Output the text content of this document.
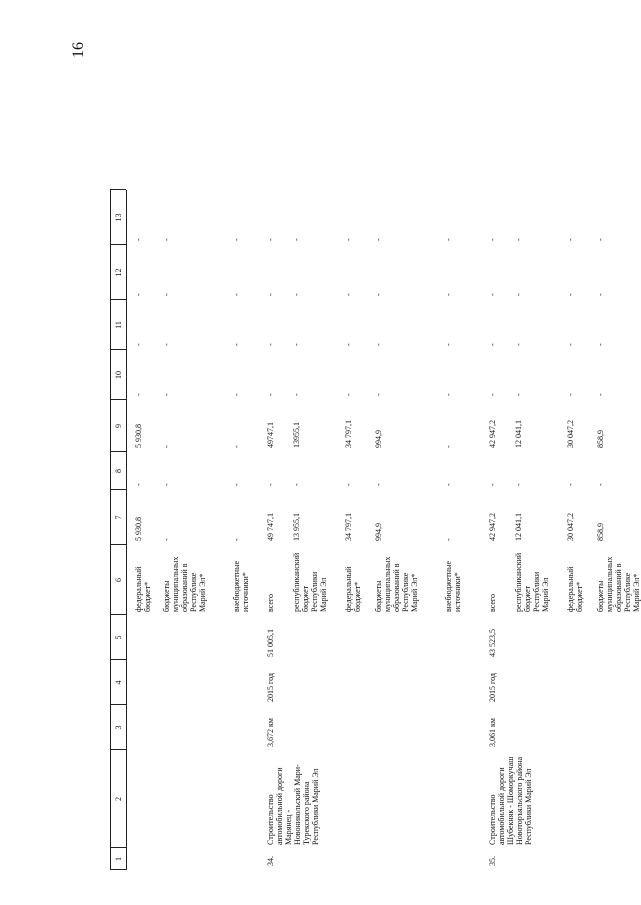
16
1
2
3
4
5
6
7
8
9
10
11
12
13
федеральный бюджет*
5 930,8
-
5 930,8
-
-
-
-
бюджеты муниципальных образований в Республике Марий Эл*
-
-
-
-
-
-
-
внебюджетные источники*
-
-
-
-
-
-
-
34.
Строительство автомобильной дороги Марянец - Новоникольский Мари-Турекского района Республики Марий Эл
3,672 км
2015 год
51 005,1
всего
49 747,1
-
49747,1
-
-
-
-
республиканский бюджет Республики Марий Эл
13 955,1
-
13955,1
-
-
-
-
федеральный бюджет*
34 797,1
-
34 797,1
-
-
-
-
бюджеты муниципальных образований в Республике Марий Эл*
994,9
-
994,9
-
-
-
-
внебюджетные источники*
-
-
-
-
-
-
-
35.
Строительство автомобильной дороги Шубекняк - Шоморкучаш Новоторъяльского района Республики Марий Эл
3,061 км
2015 год
43 523,5
всего
42 947,2
-
42 947,2
-
-
-
-
республиканский бюджет Республики Марий Эл
12 041,1
-
12 041,1
-
-
-
-
федеральный бюджет*
30 047,2
-
30 047,2
-
-
-
-
бюджеты муниципальных образований в Республике Марий Эл*
858,9
-
858,9
-
-
-
-
